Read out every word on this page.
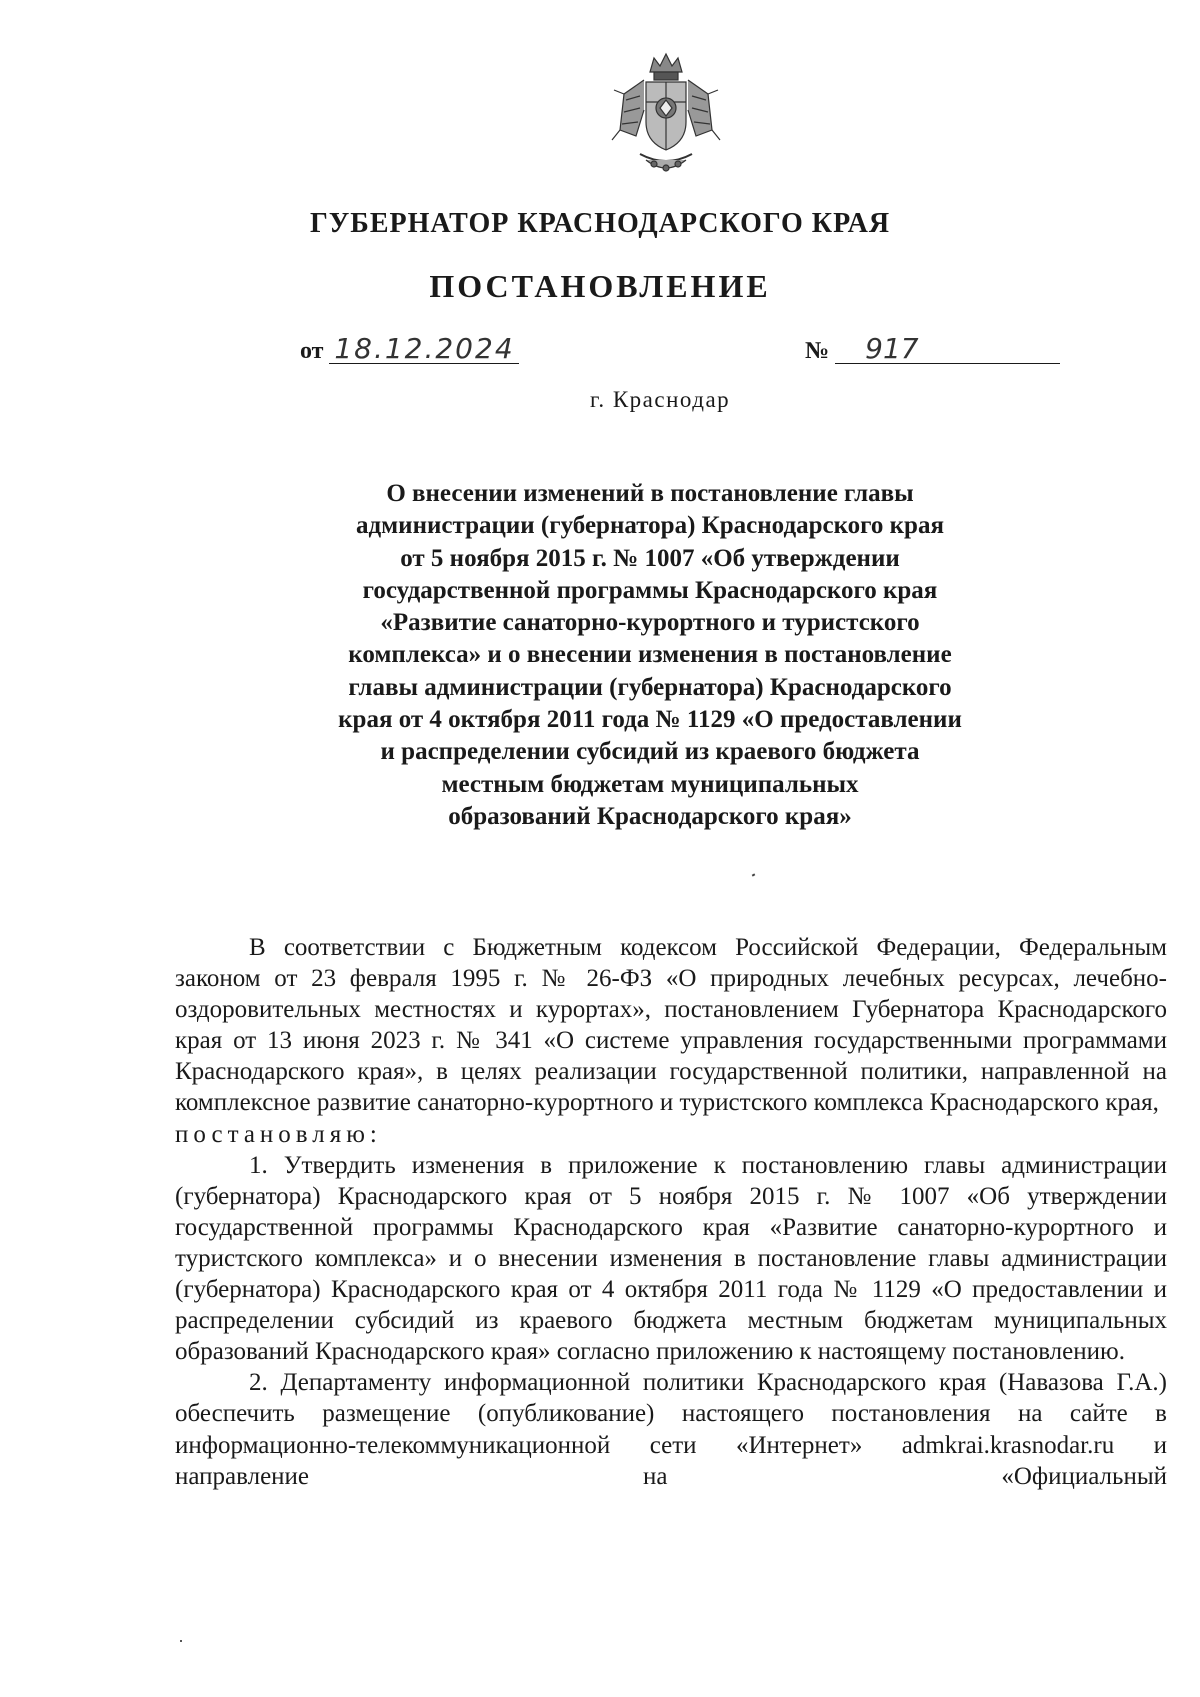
ГУБЕРНАТОР КРАСНОДАРСКОГО КРАЯ
ПОСТАНОВЛЕНИЕ
от 18.12.2024	№ 917
г. Краснодар
О внесении изменений в постановление главы
администрации (губернатора) Краснодарского края
от 5 ноября 2015 г. № 1007 «Об утверждении
государственной программы Краснодарского края
«Развитие санаторно-курортного и туристского
комплекса» и о внесении изменения в постановление
главы администрации (губернатора) Краснодарского
края от 4 октября 2011 года № 1129 «О предоставлении
и распределении субсидий из краевого бюджета
местным бюджетам муниципальных
образований Краснодарского края»

В соответствии с Бюджетным кодексом Российской Федерации, Федеральным законом от 23 февраля 1995 г. № 26-ФЗ «О природных лечебных ресурсах, лечебно-оздоровительных местностях и курортах», постановлением Губернатора Краснодарского края от 13 июня 2023 г. № 341 «О системе управления государственными программами Краснодарского края», в целях реализации государственной политики, направленной на комплексное развитие санаторно-курортного и туристского комплекса Краснодарского края,

постановляю:

1. Утвердить изменения в приложение к постановлению главы администрации (губернатора) Краснодарского края от 5 ноября 2015 г. № 1007 «Об утверждении государственной программы Краснодарского края «Развитие санаторно-курортного и туристского комплекса» и о внесении изменения в постановление главы администрации (губернатора) Краснодарского края от 4 октября 2011 года № 1129 «О предоставлении и распределении субсидий из краевого бюджета местным бюджетам муниципальных образований Краснодарского края» согласно приложению к настоящему постановлению.

2. Департаменту информационной политики Краснодарского края (Навазова Г.А.) обеспечить размещение (опубликование) настоящего постановления на сайте в информационно-телекоммуникационной сети «Интернет» admkrai.krasnodar.ru и направление на «Официальный
